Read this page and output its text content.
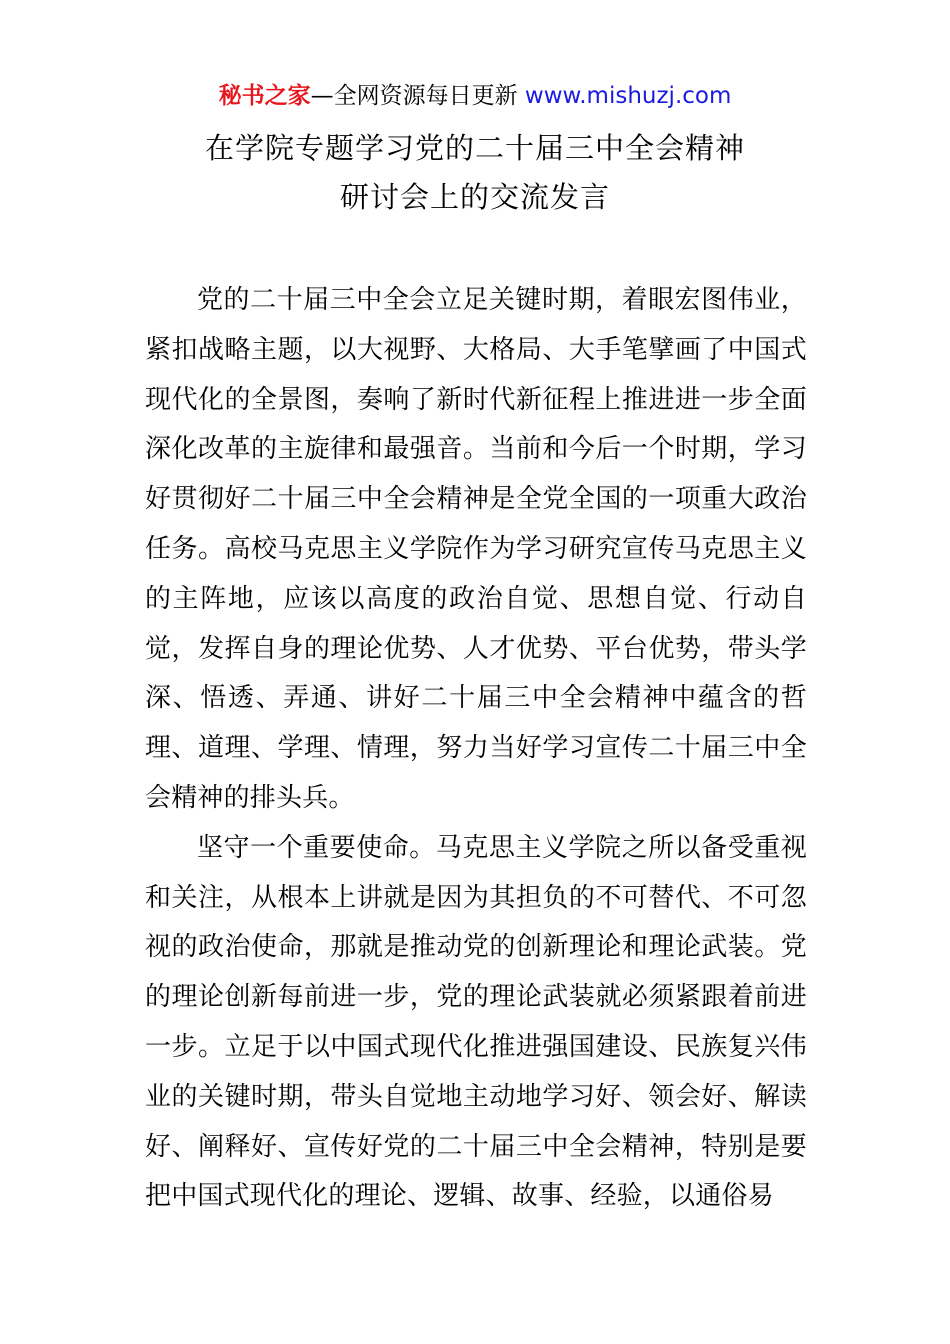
秘书之家—全网资源每日更新 www.mishuzj.com
在学院专题学习党的二十届三中全会精神
研讨会上的交流发言

党的二十届三中全会立足关键时期，着眼宏图伟业，紧扣战略主题，以大视野、大格局、大手笔擘画了中国式现代化的全景图，奏响了新时代新征程上推进进一步全面深化改革的主旋律和最强音。当前和今后一个时期，学习好贯彻好二十届三中全会精神是全党全国的一项重大政治任务。高校马克思主义学院作为学习研究宣传马克思主义的主阵地，应该以高度的政治自觉、思想自觉、行动自觉，发挥自身的理论优势、人才优势、平台优势，带头学深、悟透、弄通、讲好二十届三中全会精神中蕴含的哲理、道理、学理、情理，努力当好学习宣传二十届三中全会精神的排头兵。

坚守一个重要使命。马克思主义学院之所以备受重视和关注，从根本上讲就是因为其担负的不可替代、不可忽视的政治使命，那就是推动党的创新理论和理论武装。党的理论创新每前进一步，党的理论武装就必须紧跟着前进一步。立足于以中国式现代化推进强国建设、民族复兴伟业的关键时期，带头自觉地主动地学习好、领会好、解读好、阐释好、宣传好党的二十届三中全会精神，特别是要把中国式现代化的理论、逻辑、故事、经验，以通俗易
